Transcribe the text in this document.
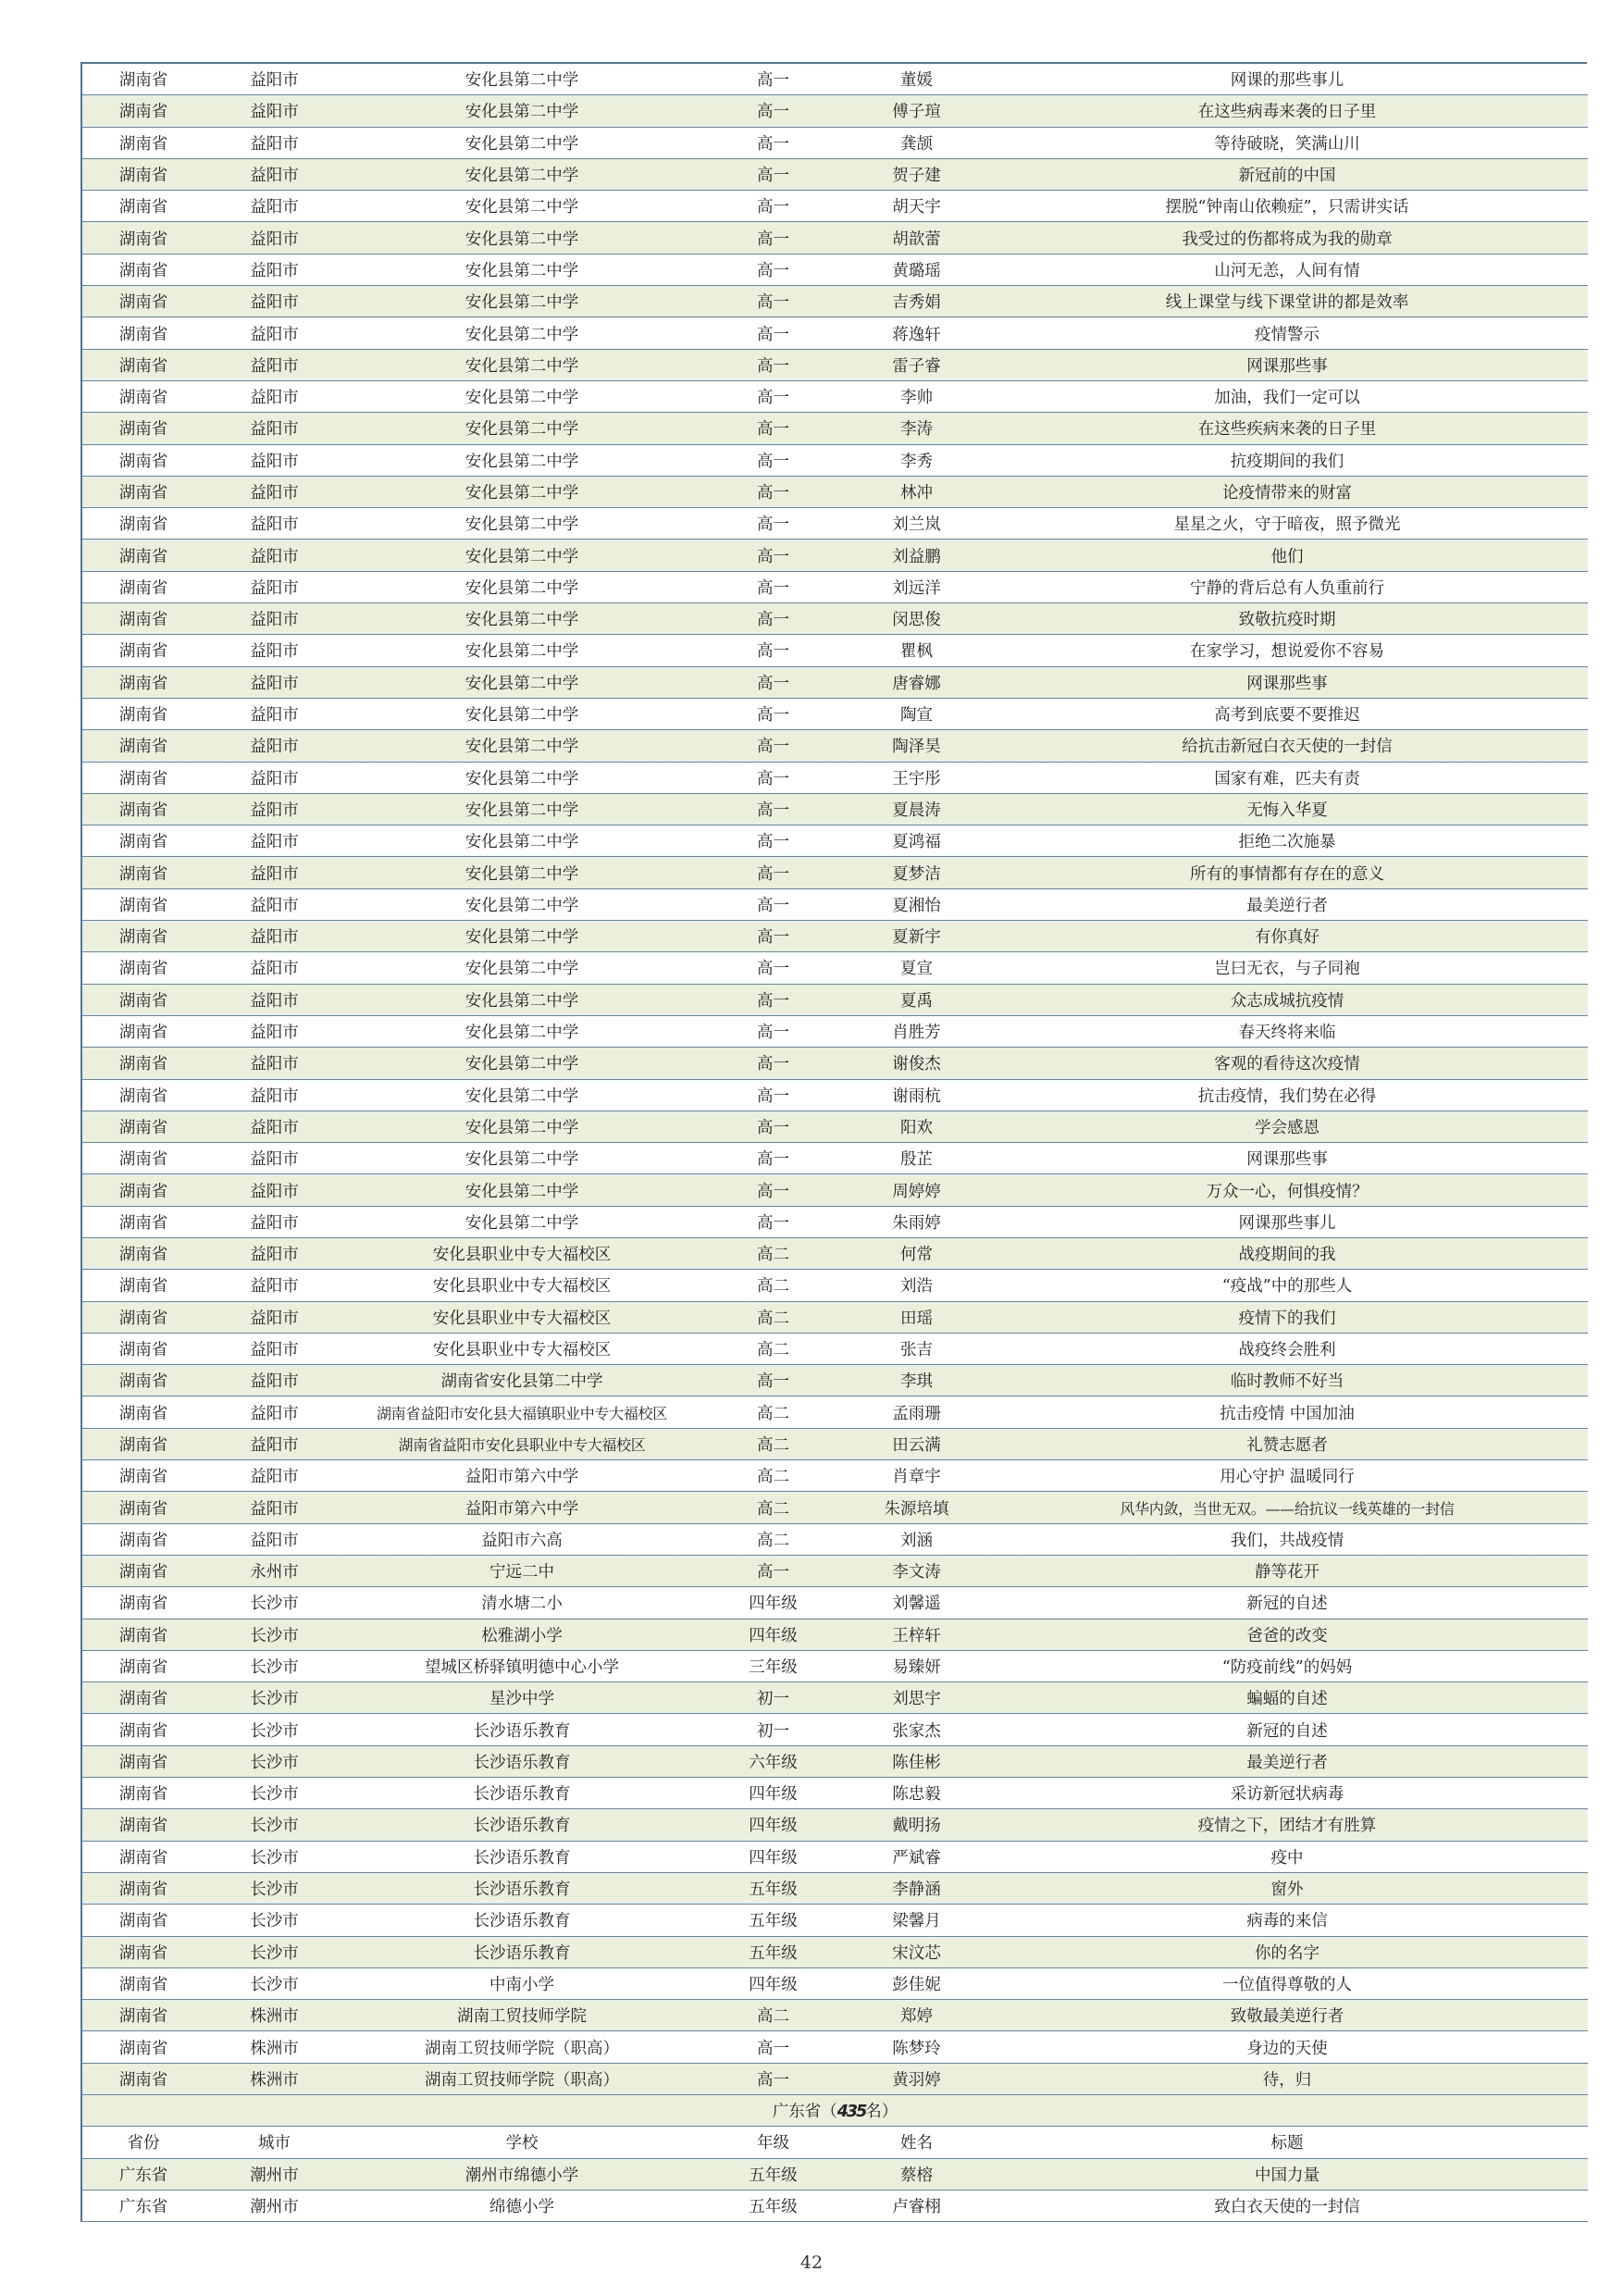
湖南省	益阳市	安化县第二中学	高一	董媛	网课的那些事儿
湖南省	益阳市	安化县第二中学	高一	傅子瑄	在这些病毒来袭的日子里
湖南省	益阳市	安化县第二中学	高一	龚颉	等待破晓，笑满山川
湖南省	益阳市	安化县第二中学	高一	贺子建	新冠前的中国
湖南省	益阳市	安化县第二中学	高一	胡天宇	摆脱“钟南山依赖症”，只需讲实话
湖南省	益阳市	安化县第二中学	高一	胡歆蕾	我受过的伤都将成为我的勋章
湖南省	益阳市	安化县第二中学	高一	黄璐瑶	山河无恙，人间有情
湖南省	益阳市	安化县第二中学	高一	吉秀娟	线上课堂与线下课堂讲的都是效率
湖南省	益阳市	安化县第二中学	高一	蒋逸轩	疫情警示
湖南省	益阳市	安化县第二中学	高一	雷子睿	网课那些事
湖南省	益阳市	安化县第二中学	高一	李帅	加油，我们一定可以
湖南省	益阳市	安化县第二中学	高一	李涛	在这些疾病来袭的日子里
湖南省	益阳市	安化县第二中学	高一	李秀	抗疫期间的我们
湖南省	益阳市	安化县第二中学	高一	林冲	论疫情带来的财富
湖南省	益阳市	安化县第二中学	高一	刘兰岚	星星之火，守于暗夜，照予微光
湖南省	益阳市	安化县第二中学	高一	刘益鹏	他们
湖南省	益阳市	安化县第二中学	高一	刘远洋	宁静的背后总有人负重前行
湖南省	益阳市	安化县第二中学	高一	闵思俊	致敬抗疫时期
湖南省	益阳市	安化县第二中学	高一	瞿枫	在家学习，想说爱你不容易
湖南省	益阳市	安化县第二中学	高一	唐睿娜	网课那些事
湖南省	益阳市	安化县第二中学	高一	陶宣	高考到底要不要推迟
湖南省	益阳市	安化县第二中学	高一	陶泽昊	给抗击新冠白衣天使的一封信
湖南省	益阳市	安化县第二中学	高一	王宇彤	国家有难，匹夫有责
湖南省	益阳市	安化县第二中学	高一	夏晨涛	无悔入华夏
湖南省	益阳市	安化县第二中学	高一	夏鸿福	拒绝二次施暴
湖南省	益阳市	安化县第二中学	高一	夏梦洁	所有的事情都有存在的意义
湖南省	益阳市	安化县第二中学	高一	夏湘怡	最美逆行者
湖南省	益阳市	安化县第二中学	高一	夏新宇	有你真好
湖南省	益阳市	安化县第二中学	高一	夏宣	岂曰无衣，与子同袍
湖南省	益阳市	安化县第二中学	高一	夏禹	众志成城抗疫情
湖南省	益阳市	安化县第二中学	高一	肖胜芳	春天终将来临
湖南省	益阳市	安化县第二中学	高一	谢俊杰	客观的看待这次疫情
湖南省	益阳市	安化县第二中学	高一	谢雨杭	抗击疫情，我们势在必得
湖南省	益阳市	安化县第二中学	高一	阳欢	学会感恩
湖南省	益阳市	安化县第二中学	高一	殷芷	网课那些事
湖南省	益阳市	安化县第二中学	高一	周婷婷	万众一心，何惧疫情？
湖南省	益阳市	安化县第二中学	高一	朱雨婷	网课那些事儿
湖南省	益阳市	安化县职业中专大福校区	高二	何常	战疫期间的我
湖南省	益阳市	安化县职业中专大福校区	高二	刘浩	“疫战”中的那些人
湖南省	益阳市	安化县职业中专大福校区	高二	田瑶	疫情下的我们
湖南省	益阳市	安化县职业中专大福校区	高二	张吉	战疫终会胜利
湖南省	益阳市	湖南省安化县第二中学	高一	李琪	临时教师不好当
湖南省	益阳市	湖南省益阳市安化县大福镇职业中专大福校区	高二	孟雨珊	抗击疫情 中国加油
湖南省	益阳市	湖南省益阳市安化县职业中专大福校区	高二	田云满	礼赞志愿者
湖南省	益阳市	益阳市第六中学	高二	肖章宇	用心守护 温暖同行
湖南省	益阳市	益阳市第六中学	高二	朱源培填	风华内敛，当世无双。——给抗议一线英雄的一封信
湖南省	益阳市	益阳市六高	高二	刘涵	我们，共战疫情
湖南省	永州市	宁远二中	高一	李文涛	静等花开
湖南省	长沙市	清水塘二小	四年级	刘馨遥	新冠的自述
湖南省	长沙市	松雅湖小学	四年级	王梓轩	爸爸的改变
湖南省	长沙市	望城区桥驿镇明德中心小学	三年级	易臻妍	“防疫前线”的妈妈
湖南省	长沙市	星沙中学	初一	刘思宇	蝙蝠的自述
湖南省	长沙市	长沙语乐教育	初一	张家杰	新冠的自述
湖南省	长沙市	长沙语乐教育	六年级	陈佳彬	最美逆行者
湖南省	长沙市	长沙语乐教育	四年级	陈忠毅	采访新冠状病毒
湖南省	长沙市	长沙语乐教育	四年级	戴明扬	疫情之下，团结才有胜算
湖南省	长沙市	长沙语乐教育	四年级	严斌睿	疫中
湖南省	长沙市	长沙语乐教育	五年级	李静涵	窗外
湖南省	长沙市	长沙语乐教育	五年级	梁馨月	病毒的来信
湖南省	长沙市	长沙语乐教育	五年级	宋汶芯	你的名字
湖南省	长沙市	中南小学	四年级	彭佳妮	一位值得尊敬的人
湖南省	株洲市	湖南工贸技师学院	高二	郑婷	致敬最美逆行者
湖南省	株洲市	湖南工贸技师学院（职高）	高一	陈梦玲	身边的天使
湖南省	株洲市	湖南工贸技师学院（职高）	高一	黄羽婷	待，归
广东省（435名）					
省份	城市	学校	年级	姓名	标题
广东省	潮州市	潮州市绵德小学	五年级	蔡榕	中国力量
广东省	潮州市	绵德小学	五年级	卢睿栩	致白衣天使的一封信
42
